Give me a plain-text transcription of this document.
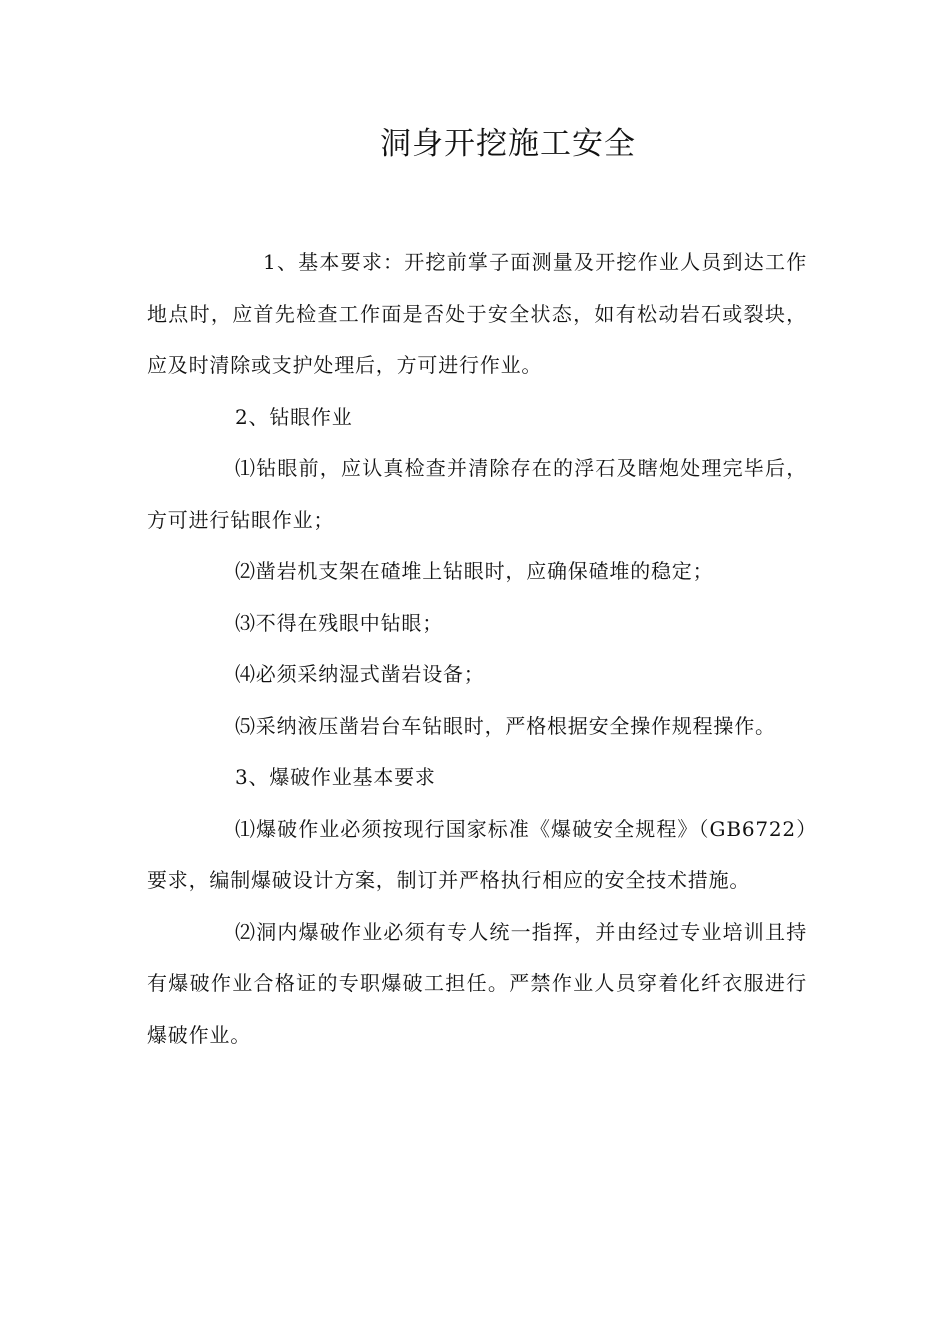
洞身开挖施工安全

1、基本要求：开挖前掌子面测量及开挖作业人员到达工作地点时，应首先检查工作面是否处于安全状态，如有松动岩石或裂块，应及时清除或支护处理后，方可进行作业。

2、钻眼作业

⑴钻眼前，应认真检查并清除存在的浮石及瞎炮处理完毕后，方可进行钻眼作业；

⑵凿岩机支架在碴堆上钻眼时，应确保碴堆的稳定；

⑶不得在残眼中钻眼；

⑷必须采纳湿式凿岩设备；

⑸采纳液压凿岩台车钻眼时，严格根据安全操作规程操作。

3、爆破作业基本要求

⑴爆破作业必须按现行国家标准《爆破安全规程》（GB6722）要求，编制爆破设计方案，制订并严格执行相应的安全技术措施。

⑵洞内爆破作业必须有专人统一指挥，并由经过专业培训且持有爆破作业合格证的专职爆破工担任。严禁作业人员穿着化纤衣服进行爆破作业。
